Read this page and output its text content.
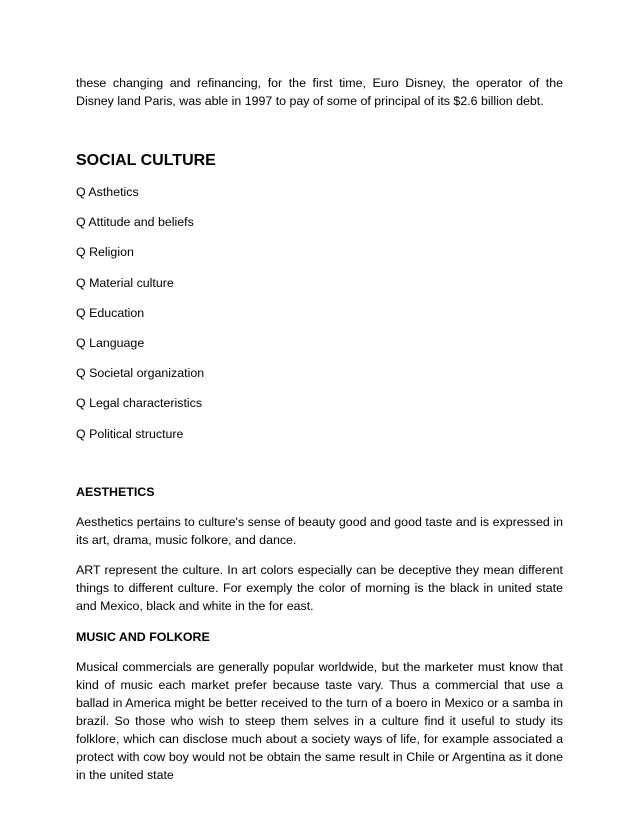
these changing and refinancing, for the first time, Euro Disney, the operator of the Disney land Paris, was able in 1997 to pay of some of principal of its $2.6 billion debt.

SOCIAL CULTURE
Q Asthetics
Q Attitude and beliefs
Q Religion
Q Material culture
Q Education
Q Language
Q Societal organization
Q Legal characteristics
Q Political structure
AESTHETICS

Aesthetics pertains to culture's sense of beauty good and good taste and is expressed in its art, drama, music folkore, and dance.

ART represent the culture. In art colors especially can be deceptive they mean different things to different culture. For exemply the color of morning is the black in united state and Mexico, black and white in the for east.

MUSIC AND FOLKORE

Musical commercials are generally popular worldwide, but the marketer must know that kind of music each market prefer because taste vary. Thus a commercial that use a ballad in America might be better received to the turn of a boero in Mexico or a samba in brazil. So those who wish to steep them selves in a culture find it useful to study its folklore, which can disclose much about a society ways of life, for example associated a protect with cow boy would not be obtain the same result in Chile or Argentina as it done in the united state
